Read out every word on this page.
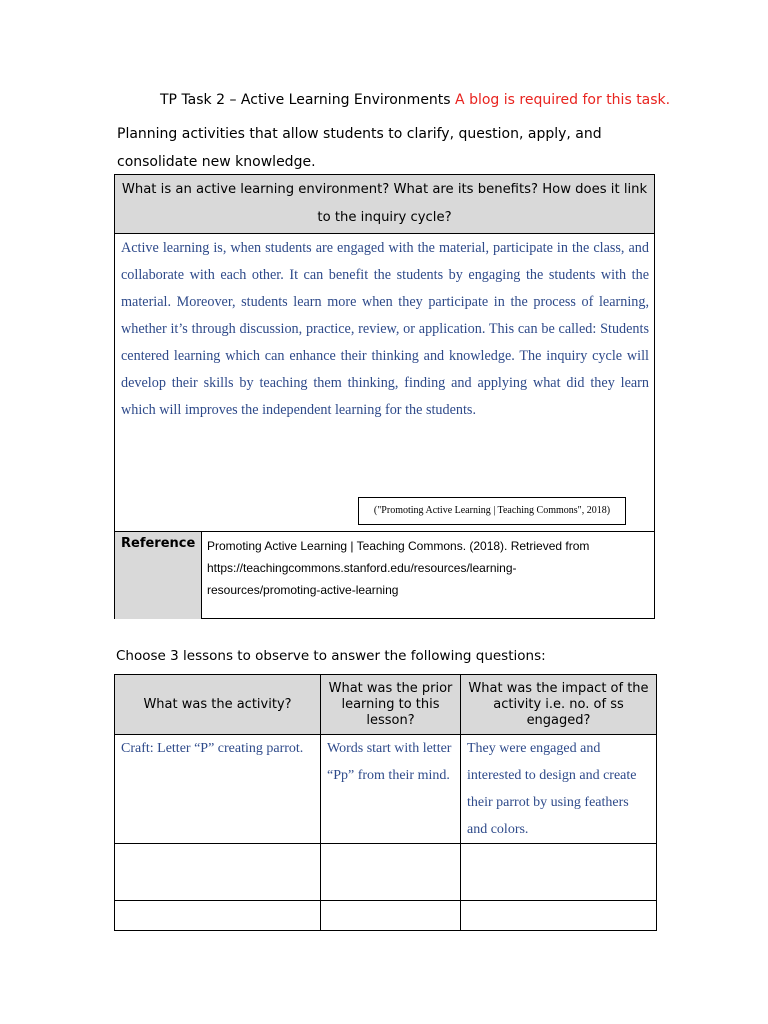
TP Task 2 – Active Learning Environments A blog is required for this task.
Planning activities that allow students to clarify, question, apply, and consolidate new knowledge.
What is an active learning environment? What are its benefits? How does it link to the inquiry cycle?
Active learning is, when students are engaged with the material, participate in the class, and collaborate with each other. It can benefit the students by engaging the students with the material. Moreover, students learn more when they participate in the process of learning, whether it’s through discussion, practice, review, or application. This can be called: Students centered learning which can enhance their thinking and knowledge. The inquiry cycle will develop their skills by teaching them thinking, finding and applying what did they learn which will improves the independent learning for the students.
("Promoting Active Learning | Teaching Commons", 2018)
Reference Promoting Active Learning | Teaching Commons. (2018). Retrieved from https://teachingcommons.stanford.edu/resources/learning-resources/promoting-active-learning
Choose 3 lessons to observe to answer the following questions:
What was the activity?	What was the prior learning to this lesson?	What was the impact of the activity i.e. no. of ss engaged?
Craft: Letter “P” creating parrot.	Words start with letter “Pp” from their mind.	They were engaged and interested to design and create their parrot by using feathers and colors.
